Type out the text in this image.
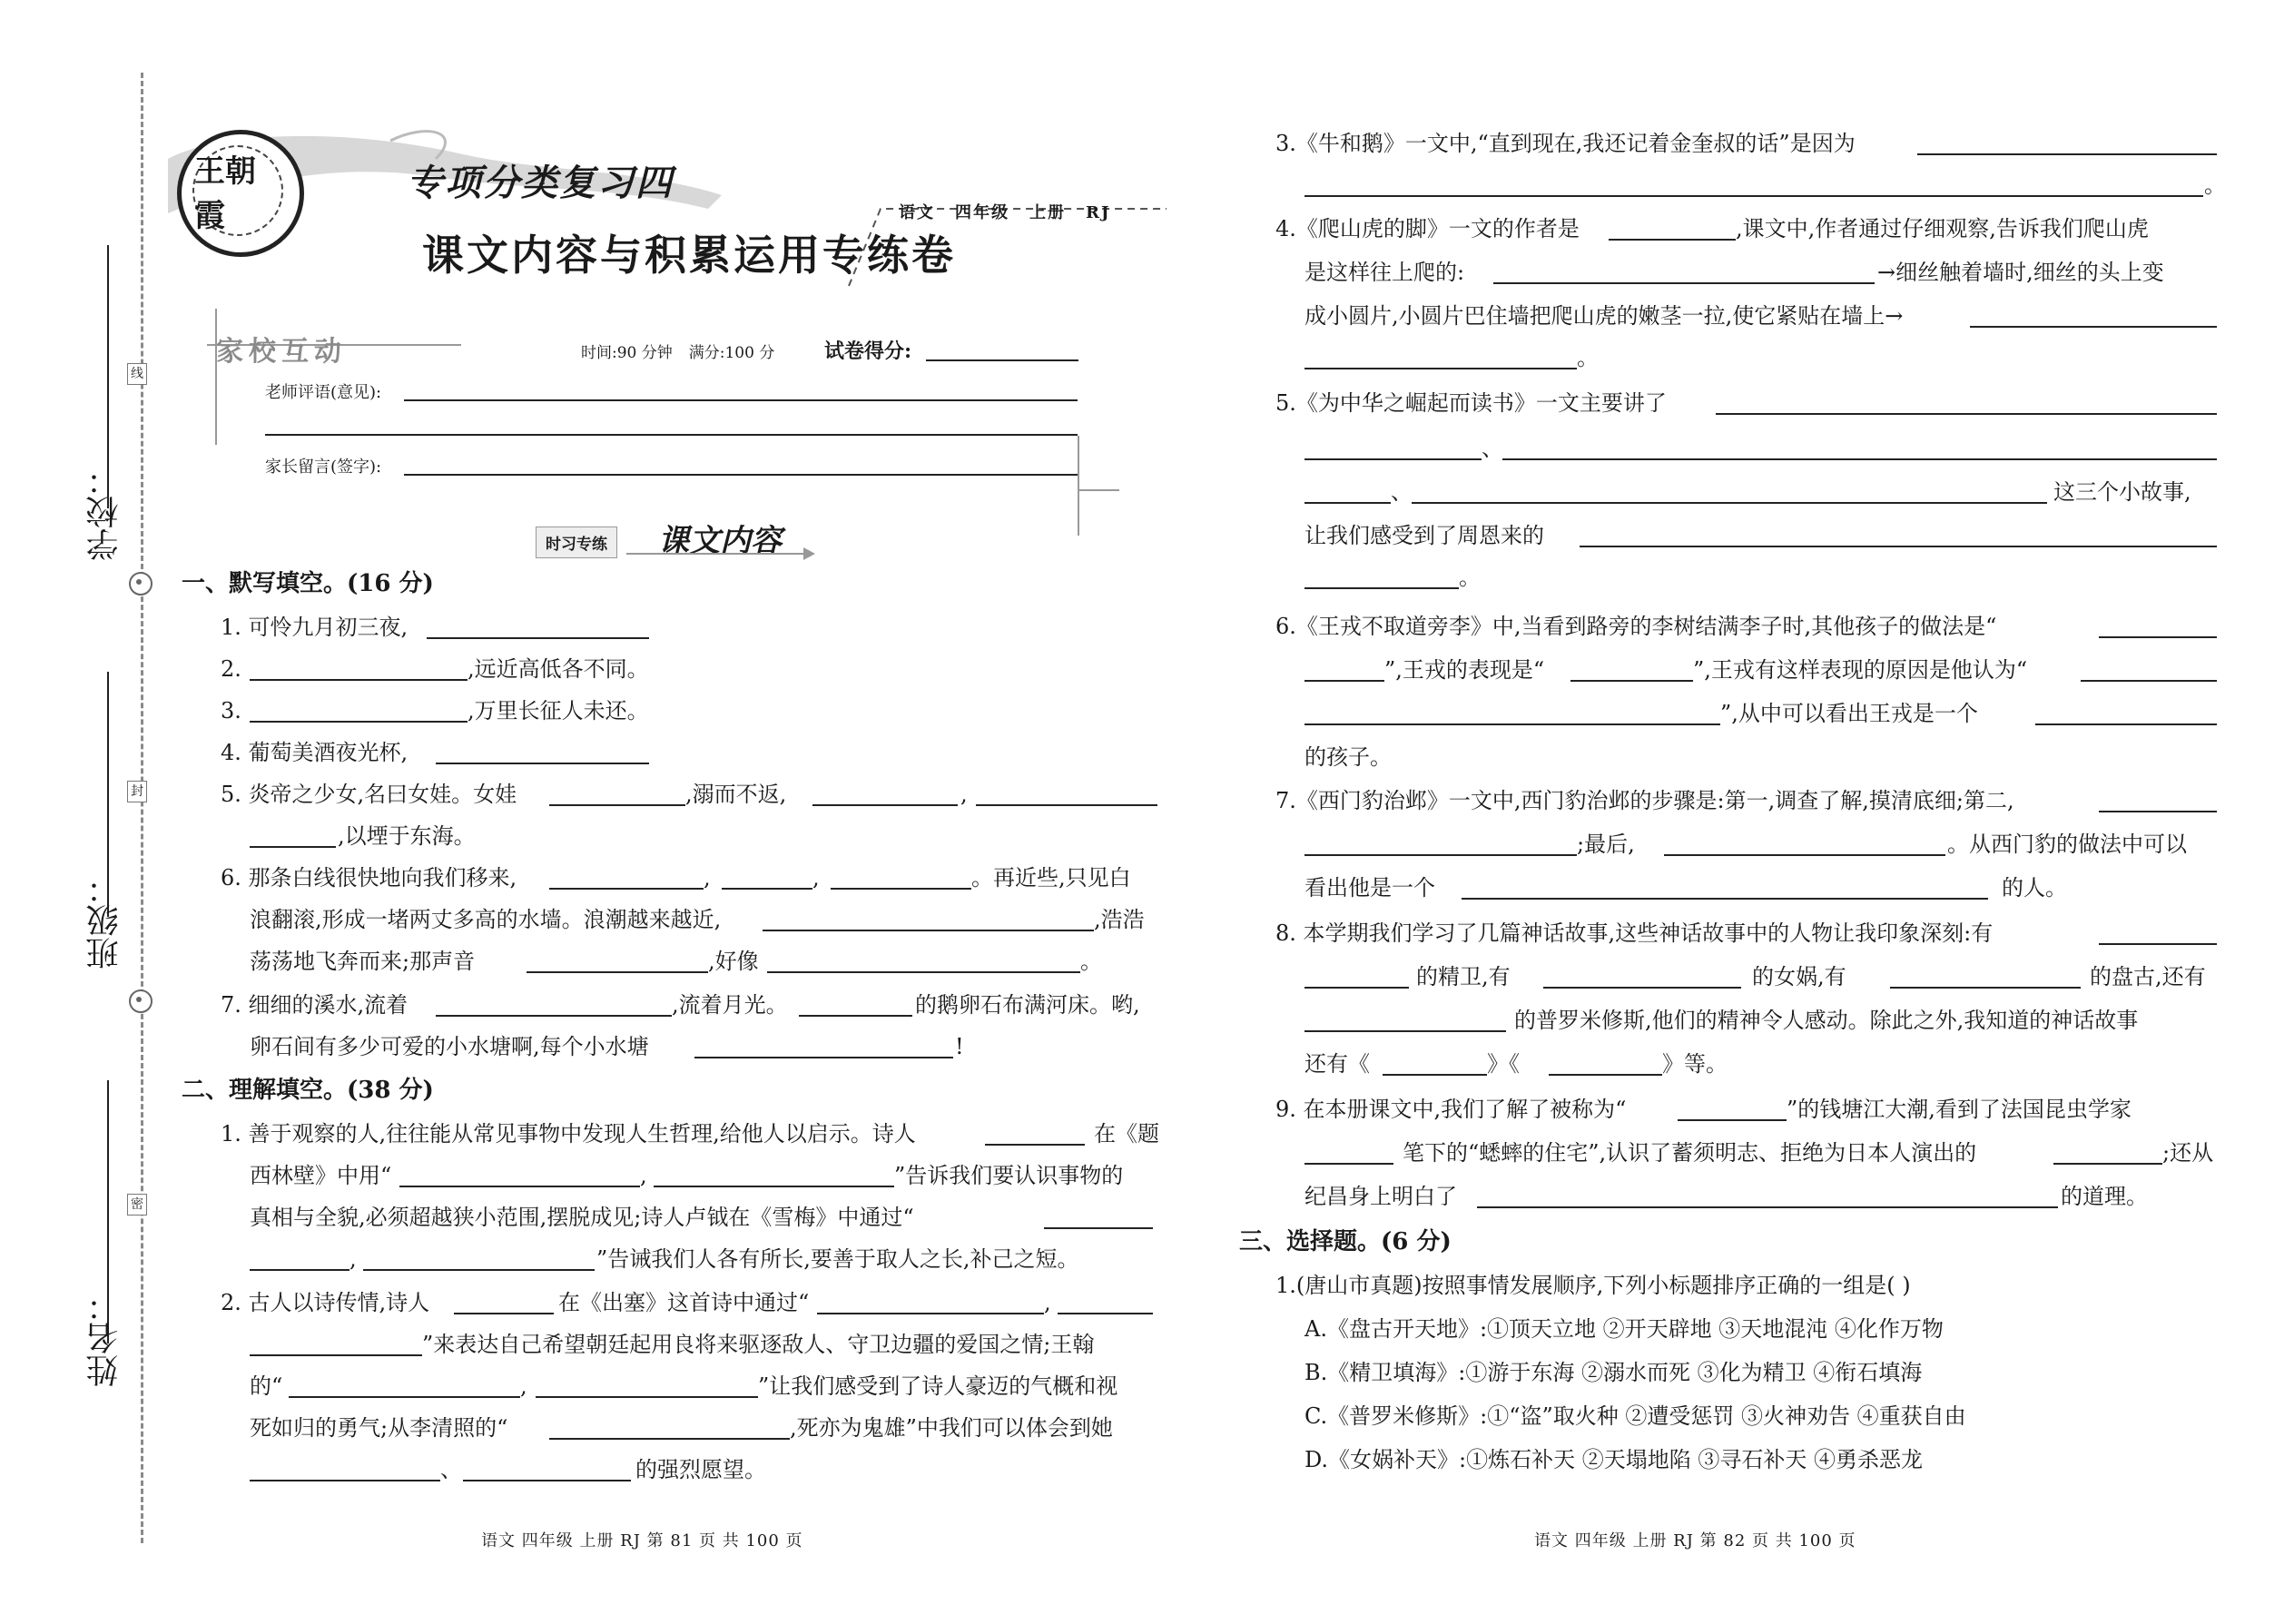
学校：
班级：
姓名：
线
封
密
王朝霞
专项分类复习四
课文内容与积累运用专练卷
语文 四年级 上册 RJ
家校互动	时间:90 分钟 满分:100 分	试卷得分:
老师评语(意见):
家长留言(签字):
时习专练	课文内容
一、默写填空。(16 分)
1. 可怜九月初三夜,
2.	,远近高低各不同。
3.	,万里长征人未还。
4. 葡萄美酒夜光杯,
5. 炎帝之少女,名曰女娃。女娃	,溺而不返,	,
,以堙于东海。
6. 那条白线很快地向我们移来,	,	,	。再近些,只见白
浪翻滚,形成一堵两丈多高的水墙。浪潮越来越近,	,浩浩
荡荡地飞奔而来;那声音	,好像	。
7. 细细的溪水,流着	,流着月光。	的鹅卵石布满河床。哟,
卵石间有多少可爱的小水塘啊,每个小水塘	!
二、理解填空。(38 分)
1. 善于观察的人,往往能从常见事物中发现人生哲理,给他人以启示。诗人	在《题
西林壁》中用“	,	”告诉我们要认识事物的
真相与全貌,必须超越狭小范围,摆脱成见;诗人卢钺在《雪梅》中通过“
,	”告诫我们人各有所长,要善于取人之长,补己之短。
2. 古人以诗传情,诗人	在《出塞》这首诗中通过“	,
”来表达自己希望朝廷起用良将来驱逐敌人、守卫边疆的爱国之情;王翰
的“	,	”让我们感受到了诗人豪迈的气概和视
死如归的勇气;从李清照的“	,死亦为鬼雄”中我们可以体会到她
、	的强烈愿望。
语文 四年级 上册 RJ 第 81 页 共 100 页
3.《牛和鹅》一文中,“直到现在,我还记着金奎叔的话”是因为
。
4.《爬山虎的脚》一文的作者是	,课文中,作者通过仔细观察,告诉我们爬山虎
是这样往上爬的:	→细丝触着墙时,细丝的头上变
成小圆片,小圆片巴住墙把爬山虎的嫩茎一拉,使它紧贴在墙上→
。
5.《为中华之崛起而读书》一文主要讲了
、
、	这三个小故事,
让我们感受到了周恩来的
。
6.《王戎不取道旁李》中,当看到路旁的李树结满李子时,其他孩子的做法是“
”,王戎的表现是“	”,王戎有这样表现的原因是他认为“
”,从中可以看出王戎是一个
的孩子。
7.《西门豹治邺》一文中,西门豹治邺的步骤是:第一,调查了解,摸清底细;第二,
;最后,	。从西门豹的做法中可以
看出他是一个	的人。
8. 本学期我们学习了几篇神话故事,这些神话故事中的人物让我印象深刻:有
的精卫,有	的女娲,有	的盘古,还有
的普罗米修斯,他们的精神令人感动。除此之外,我知道的神话故事
还有《	》《	》等。
9. 在本册课文中,我们了解了被称为“	”的钱塘江大潮,看到了法国昆虫学家
笔下的“蟋蟀的住宅”,认识了蓄须明志、拒绝为日本人演出的	;还从
纪昌身上明白了	的道理。
三、选择题。(6 分)
1.(唐山市真题)按照事情发展顺序,下列小标题排序正确的一组是( )
A.《盘古开天地》:①顶天立地 ②开天辟地 ③天地混沌 ④化作万物
B.《精卫填海》:①游于东海 ②溺水而死 ③化为精卫 ④衔石填海
C.《普罗米修斯》:①“盗”取火种 ②遭受惩罚 ③火神劝告 ④重获自由
D.《女娲补天》:①炼石补天 ②天塌地陷 ③寻石补天 ④勇杀恶龙
语文 四年级 上册 RJ 第 82 页 共 100 页
